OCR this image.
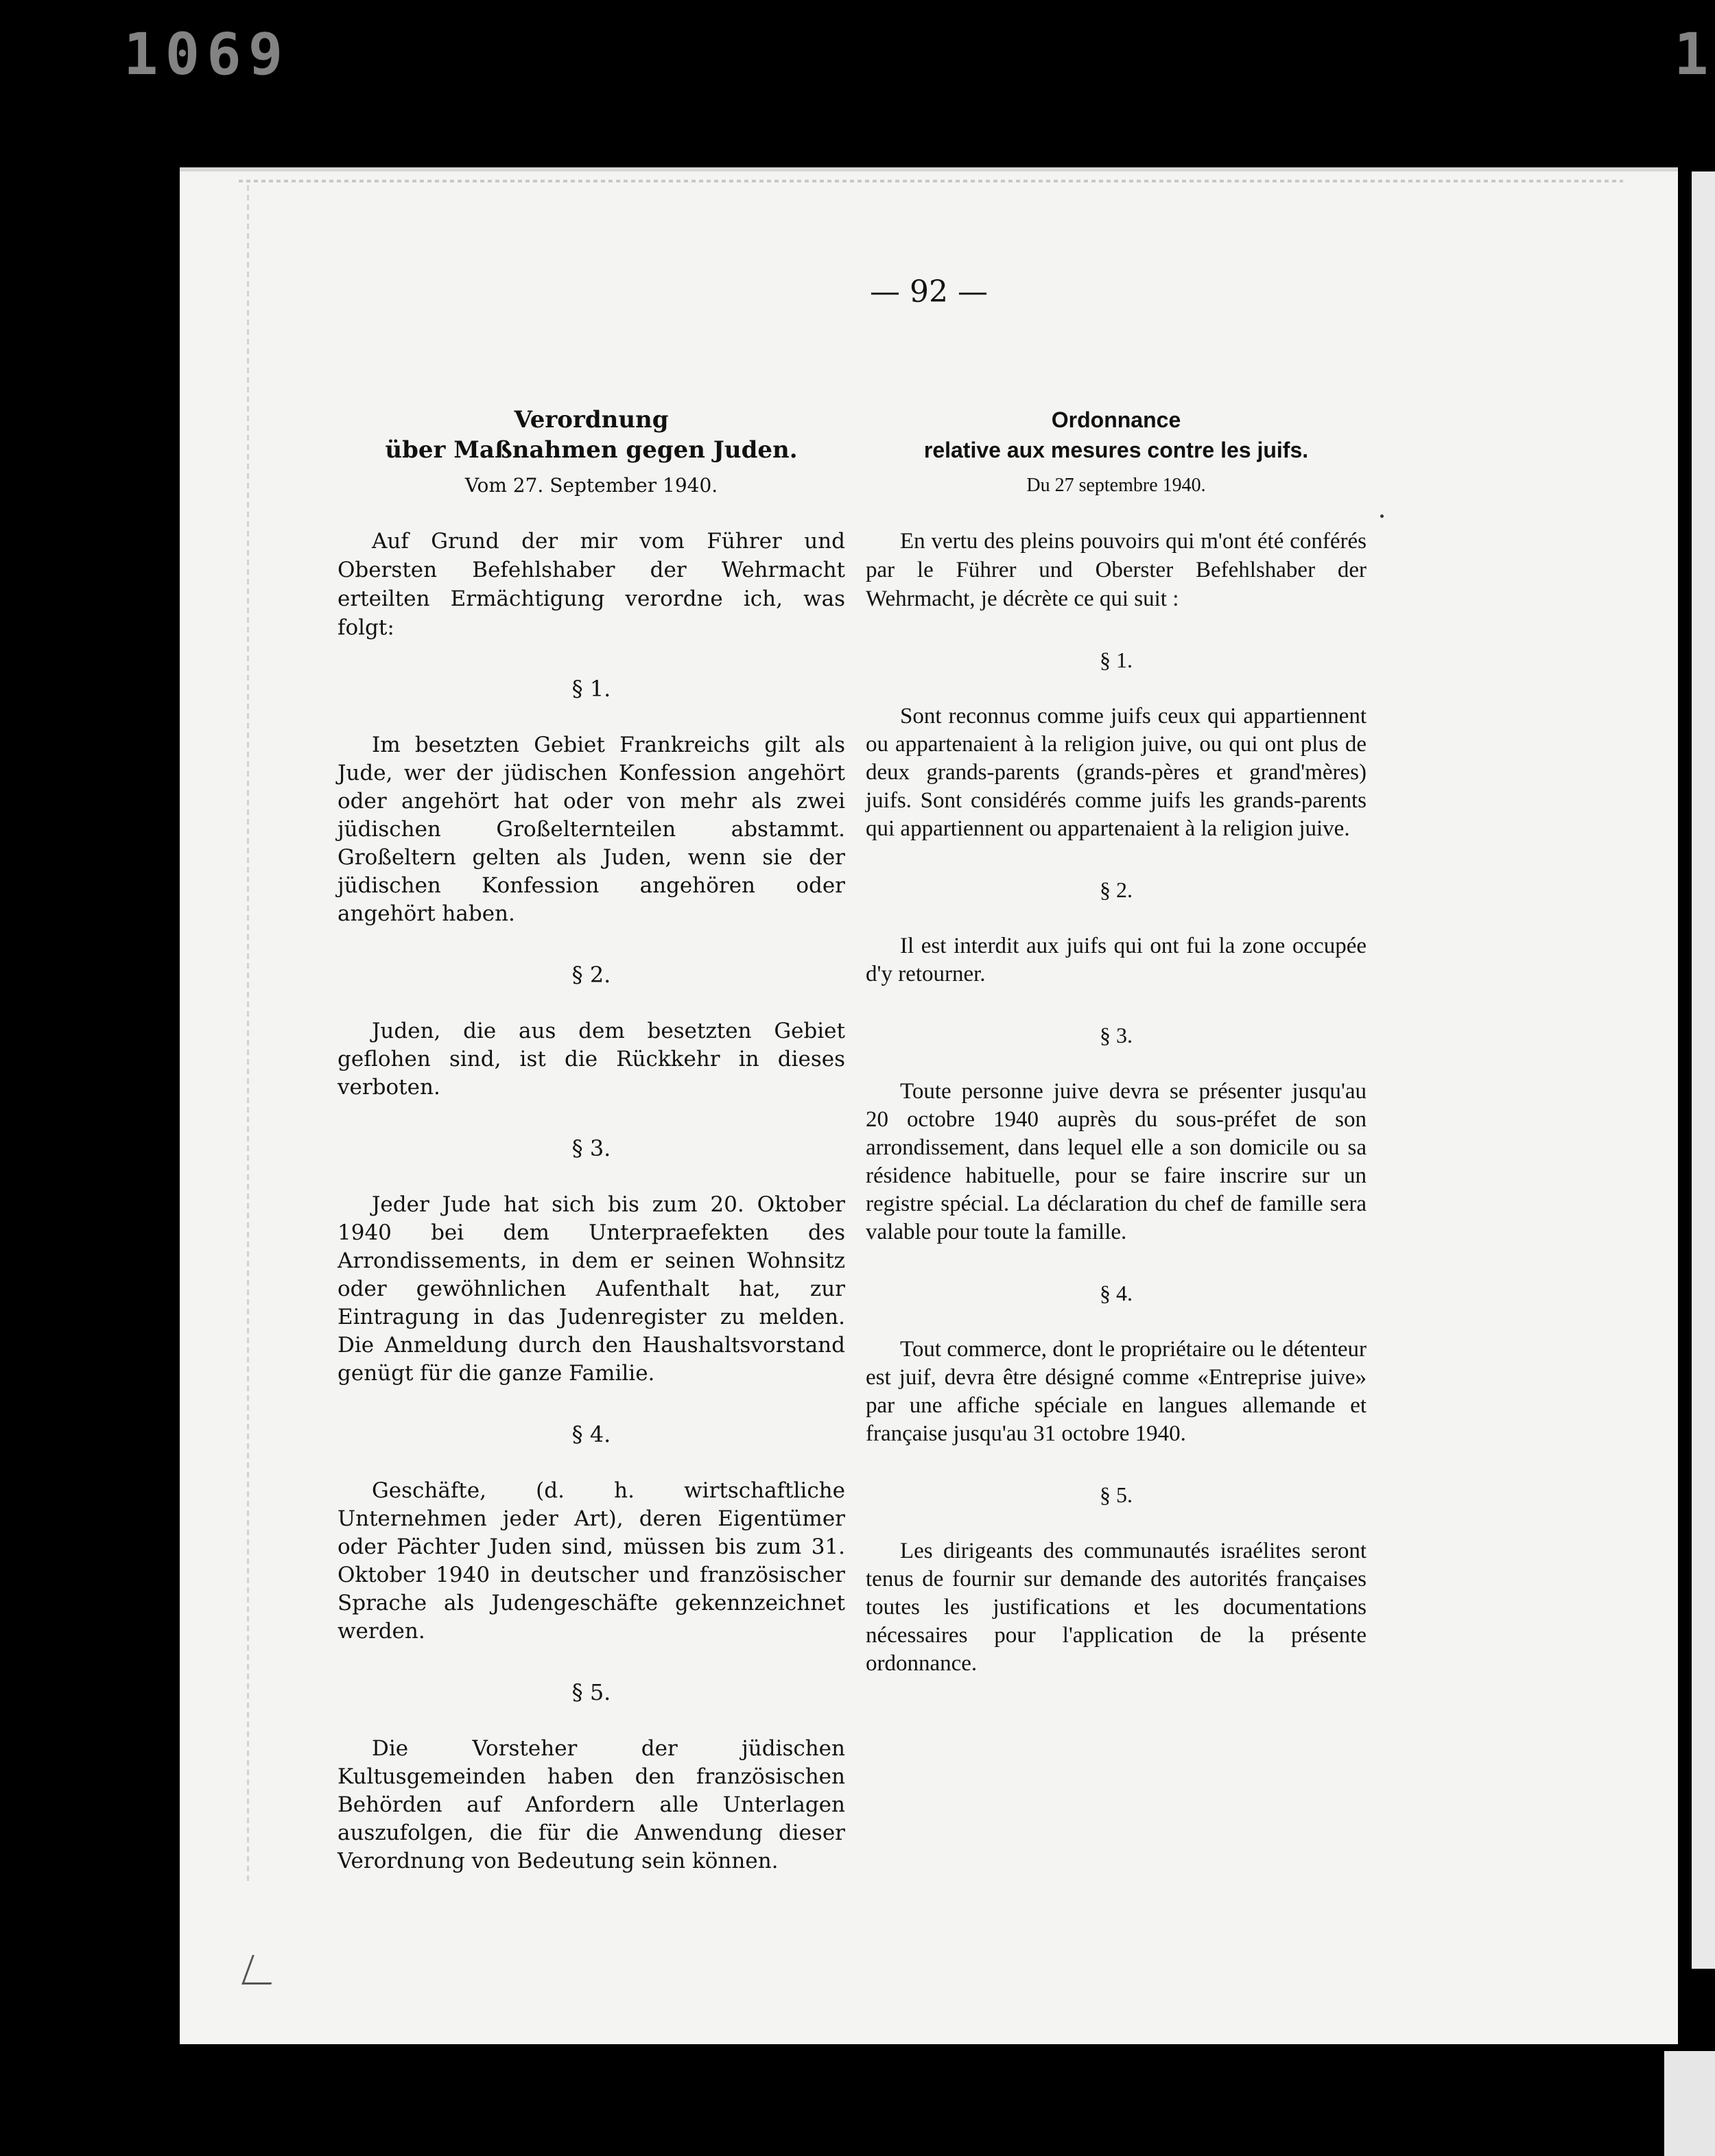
1069	1
— 92 —
Verordnung
über Maßnahmen gegen Juden.
Vom 27. September 1940.
Auf Grund der mir vom Führer und Obersten Befehlshaber der Wehrmacht erteilten Ermächtigung verordne ich, was folgt:
§ 1.
Im besetzten Gebiet Frankreichs gilt als Jude, wer der jüdischen Konfession angehört oder angehört hat oder von mehr als zwei jüdischen Großelternteilen abstammt. Großeltern gelten als Juden, wenn sie der jüdischen Konfession angehören oder angehört haben.
§ 2.
Juden, die aus dem besetzten Gebiet geflohen sind, ist die Rückkehr in dieses verboten.
§ 3.
Jeder Jude hat sich bis zum 20. Oktober 1940 bei dem Unterpraefekten des Arrondissements, in dem er seinen Wohnsitz oder gewöhnlichen Aufenthalt hat, zur Eintragung in das Judenregister zu melden. Die Anmeldung durch den Haushaltsvorstand genügt für die ganze Familie.
§ 4.
Geschäfte, (d. h. wirtschaftliche Unternehmen jeder Art), deren Eigentümer oder Pächter Juden sind, müssen bis zum 31. Oktober 1940 in deutscher und französischer Sprache als Judengeschäfte gekennzeichnet werden.
§ 5.
Die Vorsteher der jüdischen Kultusgemeinden haben den französischen Behörden auf Anfordern alle Unterlagen auszufolgen, die für die Anwendung dieser Verordnung von Bedeutung sein können.
Ordonnance
relative aux mesures contre les juifs.
Du 27 septembre 1940.
En vertu des pleins pouvoirs qui m'ont été conférés par le Führer und Oberster Befehlshaber der Wehrmacht, je décrète ce qui suit :
§ 1.
Sont reconnus comme juifs ceux qui appartiennent ou appartenaient à la religion juive, ou qui ont plus de deux grands-parents (grands-pères et grand'mères) juifs. Sont considérés comme juifs les grands-parents qui appartiennent ou appartenaient à la religion juive.
§ 2.
Il est interdit aux juifs qui ont fui la zone occupée d'y retourner.
§ 3.
Toute personne juive devra se présenter jusqu'au 20 octobre 1940 auprès du sous-préfet de son arrondissement, dans lequel elle a son domicile ou sa résidence habituelle, pour se faire inscrire sur un registre spécial. La déclaration du chef de famille sera valable pour toute la famille.
§ 4.
Tout commerce, dont le propriétaire ou le détenteur est juif, devra être désigné comme «Entreprise juive» par une affiche spéciale en langues allemande et française jusqu'au 31 octobre 1940.
§ 5.
Les dirigeants des communautés israélites seront tenus de fournir sur demande des autorités françaises toutes les justifications et les documentations nécessaires pour l'application de la présente ordonnance.
